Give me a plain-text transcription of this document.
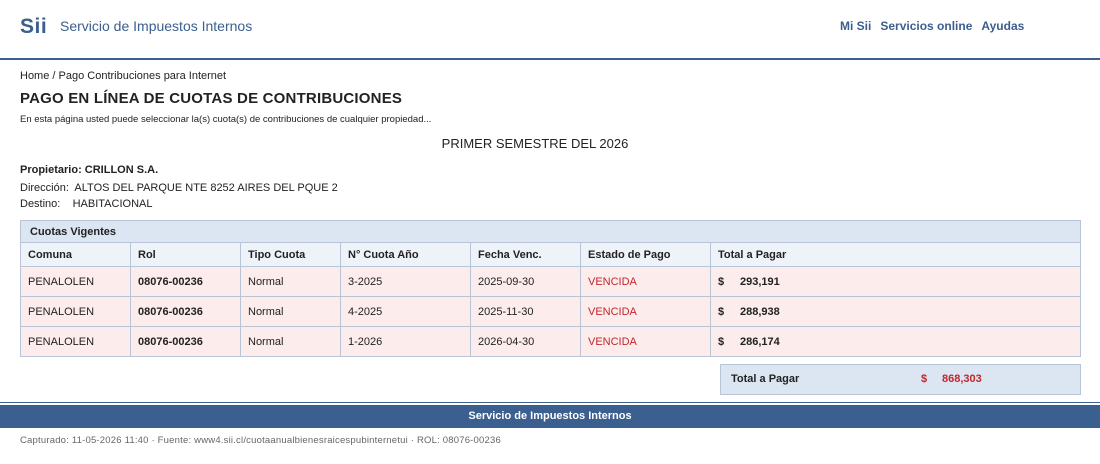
Sii Servicio de Impuestos Internos	Mi Sii Servicios online Ayudas
Home / Pago Contribuciones para Internet
PAGO EN LÍNEA DE CUOTAS DE CONTRIBUCIONES

En esta página usted puede seleccionar la(s) cuota(s) de contribuciones de cualquier propiedad...

PRIMER SEMESTRE DEL 2026
Propietario: CRILLON S.A.
Dirección: ALTOS DEL PARQUE NTE 8252 AIRES DEL PQUE 2
Destino: HABITACIONAL
Cuotas Vigentes						
Comuna	Rol	Tipo Cuota	N° Cuota Año	Fecha Venc.	Estado de Pago	Total a Pagar
PENALOLEN	08076-00236	Normal	3-2025	2025-09-30	VENCIDA	$ 293,191
PENALOLEN	08076-00236	Normal	4-2025	2025-11-30	VENCIDA	$ 288,938
PENALOLEN	08076-00236	Normal	1-2026	2026-04-30	VENCIDA	$ 286,174
Total a Pagar	$ 868,303
Servicio de Impuestos Internos
Capturado: 11-05-2026 11:40 · Fuente: www4.sii.cl/cuotaanualbienesraicespubinternetui · ROL: 08076-00236
